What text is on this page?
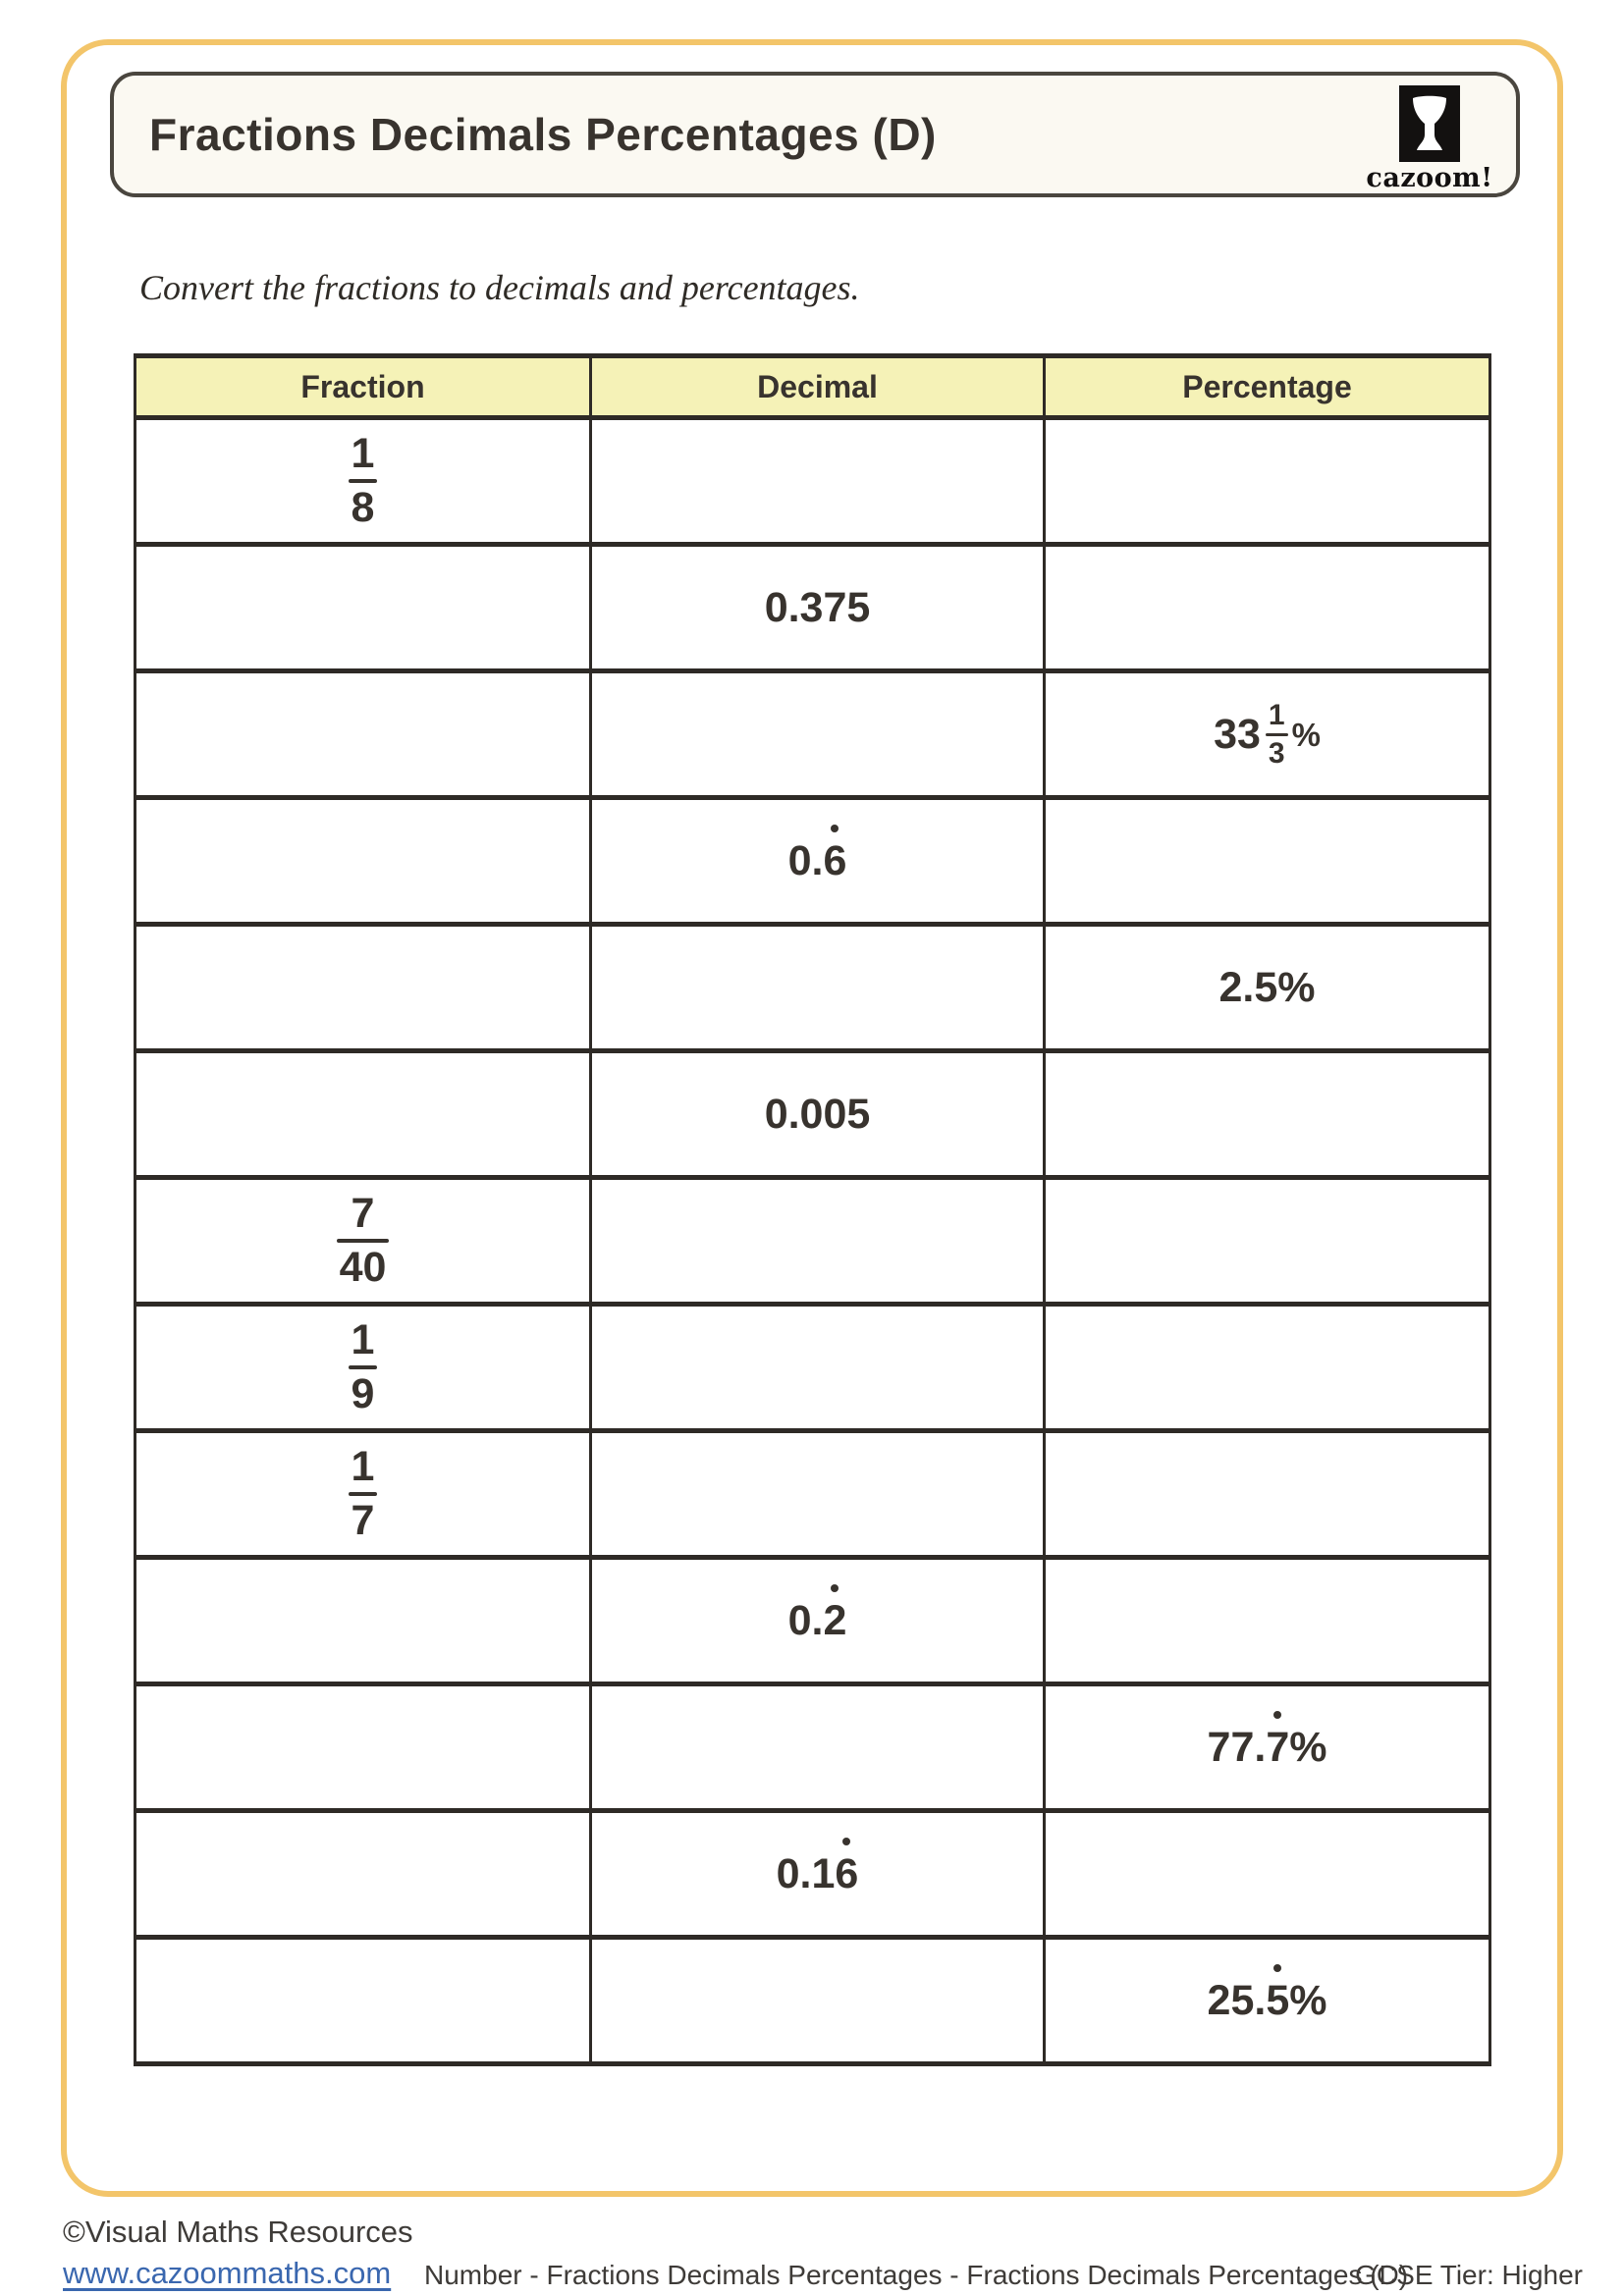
Fractions Decimals Percentages (D)
cazoom!

Convert the fractions to decimals and percentages.

Fraction	Decimal	Percentage

$\frac{1}{8}$

	0.375	

		$33 \frac{1}{3}$ %

	0.6	
		2.5%
	0.005	

$\frac{7}{40}$

$\frac{1}{9}$

$\frac{1}{7}$

	0.2	
		77.7%
	0.16	
		25.5%
©Visual Maths Resources
www.cazoommaths.com Number - Fractions Decimals Percentages - Fractions Decimals Percentages (D)
GCSE Tier: Higher
